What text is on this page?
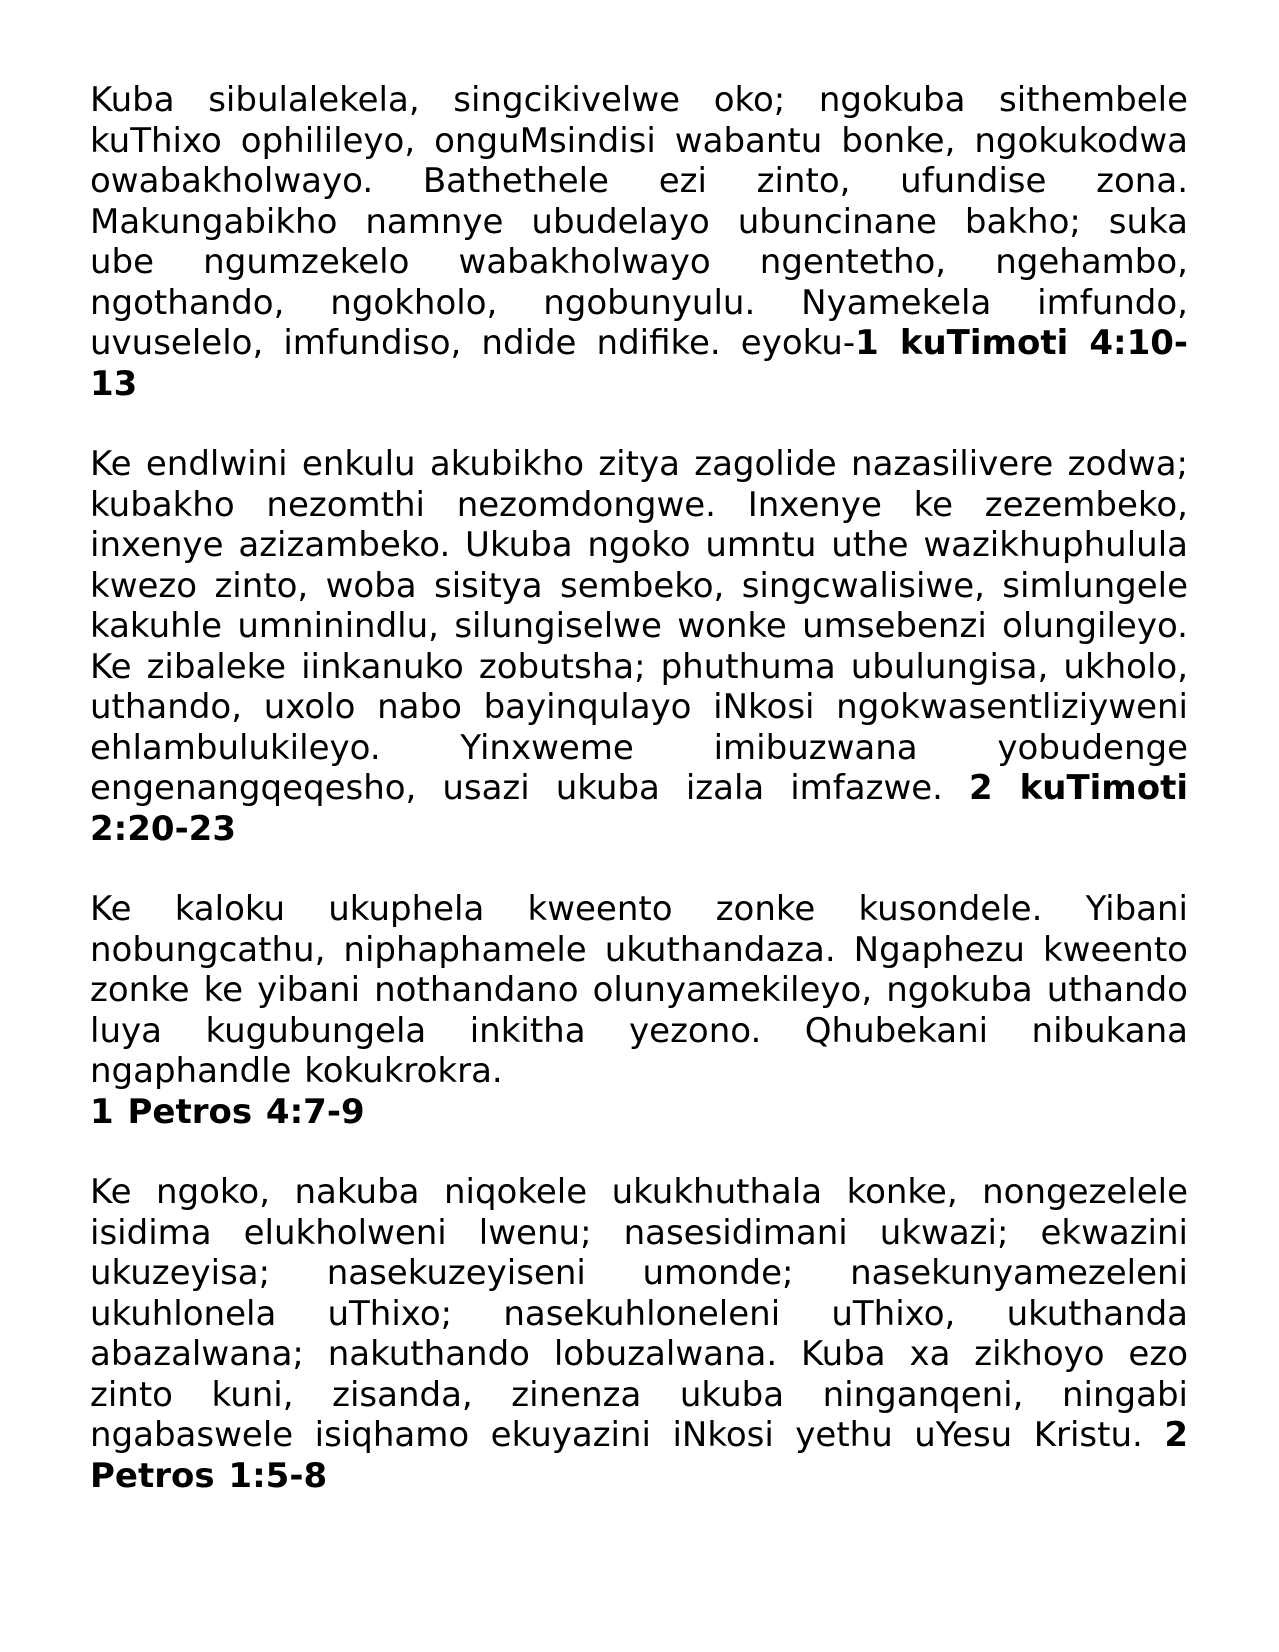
Kuba sibulalekela, singcikivelwe oko; ngokuba sithembele kuThixo ophilileyo, onguMsindisi wabantu bonke, ngokukodwa owabakholwayo. Bathethele ezi zinto, ufundise zona. Makungabikho namnye ubudelayo ubuncinane bakho; suka ube ngumzekelo wabakholwayo ngentetho, ngehambo, ngothando, ngokholo, ngobunyulu. Nyamekela imfundo, uvuselelo, imfundiso, ndide ndifike. eyoku-1 kuTimoti 4:10-13

Ke endlwini enkulu akubikho zitya zagolide nazasilivere zodwa; kubakho nezomthi nezomdongwe. Inxenye ke zezembeko, inxenye azizambeko. Ukuba ngoko umntu uthe wazikhuphulula kwezo zinto, woba sisitya sembeko, singcwalisiwe, simlungele kakuhle umninindlu, silungiselwe wonke umsebenzi olungileyo. Ke zibaleke iinkanuko zobutsha; phuthuma ubulungisa, ukholo, uthando, uxolo nabo bayinqulayo iNkosi ngokwasentliziyweni ehlambulukileyo. Yinxweme imibuzwana yobudenge engenangqeqesho, usazi ukuba izala imfazwe. 2 kuTimoti 2:20-23

Ke kaloku ukuphela kweento zonke kusondele. Yibani nobungcathu, niphaphamele ukuthandaza. Ngaphezu kweento zonke ke yibani nothandano olunyamekileyo, ngokuba uthando luya kugubungela inkitha yezono. Qhubekani nibukana ngaphandle kokukrokra.
1 Petros 4:7-9

Ke ngoko, nakuba niqokele ukukhuthala konke, nongezelele isidima elukholweni lwenu; nasesidimani ukwazi; ekwazini ukuzeyisa; nasekuzeyiseni umonde; nasekunyamezeleni ukuhlonela uThixo; nasekuhloneleni uThixo, ukuthanda abazalwana; nakuthando lobuzalwana. Kuba xa zikhoyo ezo zinto kuni, zisanda, zinenza ukuba ninganqeni, ningabi ngabaswele isiqhamo ekuyazini iNkosi yethu uYesu Kristu. 2 Petros 1:5-8
